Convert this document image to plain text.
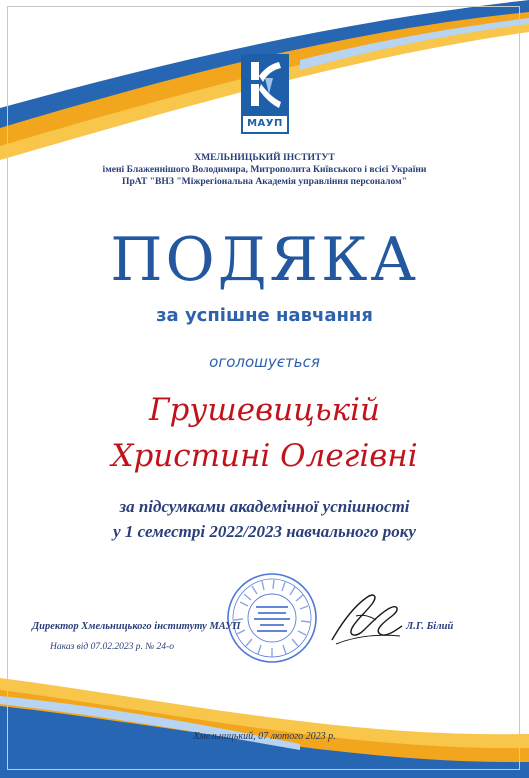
МАУП
ХМЕЛЬНИЦЬКИЙ ІНСТИТУТ
імені Блаженнішого Володимира, Митрополита Київського і всієї України
ПрАТ "ВНЗ "Міжрегіональна Академія управління персоналом"
ПОДЯКА
за успішне навчання
оголошується
Грушевицькій
Христині Олегівні
за підсумками академічної успішності
у 1 семестрі 2022/2023 навчального року
Директор Хмельницького інституту МАУП	Л.Г. Білий
Наказ від 07.02.2023 р. № 24-о
Хмельницький, 07 лютого 2023 р.
